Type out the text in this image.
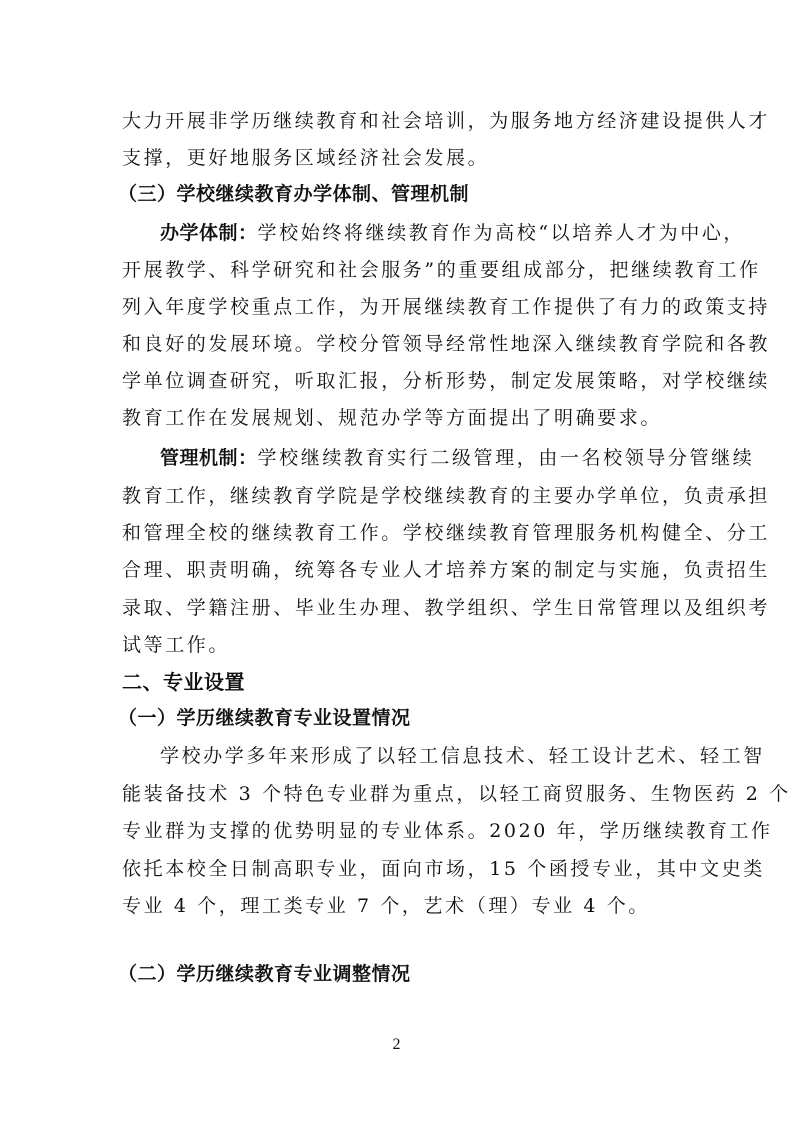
大力开展非学历继续教育和社会培训，为服务地方经济建设提供人才
支撑，更好地服务区域经济社会发展。
（三）学校继续教育办学体制、管理机制
办学体制：学校始终将继续教育作为高校“以培养人才为中心，
开展教学、科学研究和社会服务”的重要组成部分，把继续教育工作
列入年度学校重点工作，为开展继续教育工作提供了有力的政策支持
和良好的发展环境。学校分管领导经常性地深入继续教育学院和各教
学单位调查研究，听取汇报，分析形势，制定发展策略，对学校继续
教育工作在发展规划、规范办学等方面提出了明确要求。
管理机制：学校继续教育实行二级管理，由一名校领导分管继续
教育工作，继续教育学院是学校继续教育的主要办学单位，负责承担
和管理全校的继续教育工作。学校继续教育管理服务机构健全、分工
合理、职责明确，统筹各专业人才培养方案的制定与实施，负责招生
录取、学籍注册、毕业生办理、教学组织、学生日常管理以及组织考
试等工作。
二、专业设置
（一）学历继续教育专业设置情况
学校办学多年来形成了以轻工信息技术、轻工设计艺术、轻工智
能装备技术 3 个特色专业群为重点，以轻工商贸服务、生物医药 2 个
专业群为支撑的优势明显的专业体系。2020 年，学历继续教育工作
依托本校全日制高职专业，面向市场，15 个函授专业，其中文史类
专业 4 个，理工类专业 7 个，艺术（理）专业 4 个。
（二）学历继续教育专业调整情况
2
